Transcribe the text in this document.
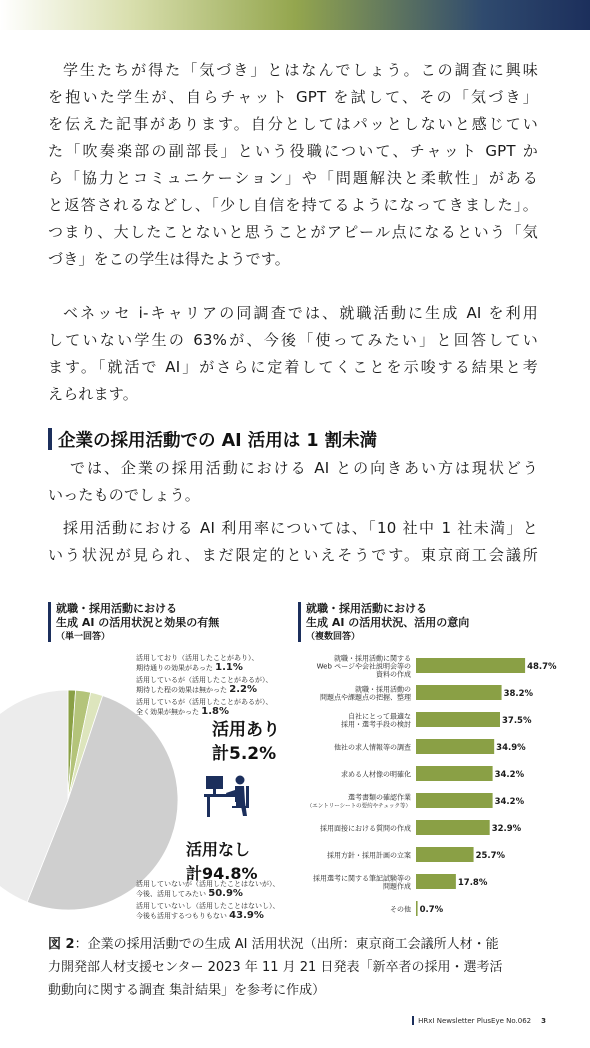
学生たちが得た「気づき」とはなんでしょう。この調査に興味
を抱いた学生が、自らチャット GPT を試して、その「気づき」
を伝えた記事があります。自分としてはパッとしないと感じてい
た「吹奏楽部の副部長」という役職について、チャット GPT か
ら「協力とコミュニケーション」や「問題解決と柔軟性」がある
と返答されるなどし、「少し自信を持てるようになってきました」。
つまり、大したことないと思うことがアピール点になるという「気
づき」をこの学生は得たようです。
ベネッセ i-キャリアの同調査では、就職活動に生成 AI を利用
していない学生の 63%が、今後「使ってみたい」と回答してい
ます。「就活で AI」がさらに定着してくことを示唆する結果と考
えられます。
企業の採用活動での AI 活用は 1 割未満
では、企業の採用活動における AI との向きあい方は現状どう
いったものでしょう。
採用活動における AI 利用率については、「10 社中 1 社未満」と
いう状況が見られ、まだ限定的といえそうです。東京商工会議所
就職・採用活動における
生成 AI の活用状況と効果の有無
（単一回答）
活用しており（活用したことがあり）、
期待通りの効果があった 1.1%
活用しているが（活用したことがあるが）、
期待した程の効果は無かった 2.2%
活用しているが（活用したことがあるが）、
全く効果が無かった 1.8%
活用あり
計5.2%
活用なし
計94.8%
活用していないが（活用したことはないが）、
今後、活用してみたい 50.9%
活用していないし（活用したことはないし）、
今後も活用するつもりもない 43.9%
就職・採用活動における
生成 AI の活用状況、活用の意向
（複数回答）
就職・採用活動に関する
Web ページや会社説明会等の
資料の作成
48.7%
就職・採用活動の
問題点や課題点の把握、整理	38.2%
自社にとって最適な
採用・選考手段の検討	37.5%
他社の求人情報等の調査	34.9%
求める人材像の明確化	34.2%
選考書類の確認作業
（エントリーシートの要約やチェック等）	34.2%
採用面接における質問の作成	32.9%
採用方針・採用計画の立案	25.7%
採用選考に関する筆記試験等の
問題作成	17.8%
その他 0.7%
図 2：企業の採用活動での生成 AI 活用状況（出所：東京商工会議所人材・能
力開発部人材支援センター 2023 年 11 月 21 日発表「新卒者の採用・選考活
動動向に関する調査 集計結果」を参考に作成）
HRxI Newsletter PlusEye No.062 3
